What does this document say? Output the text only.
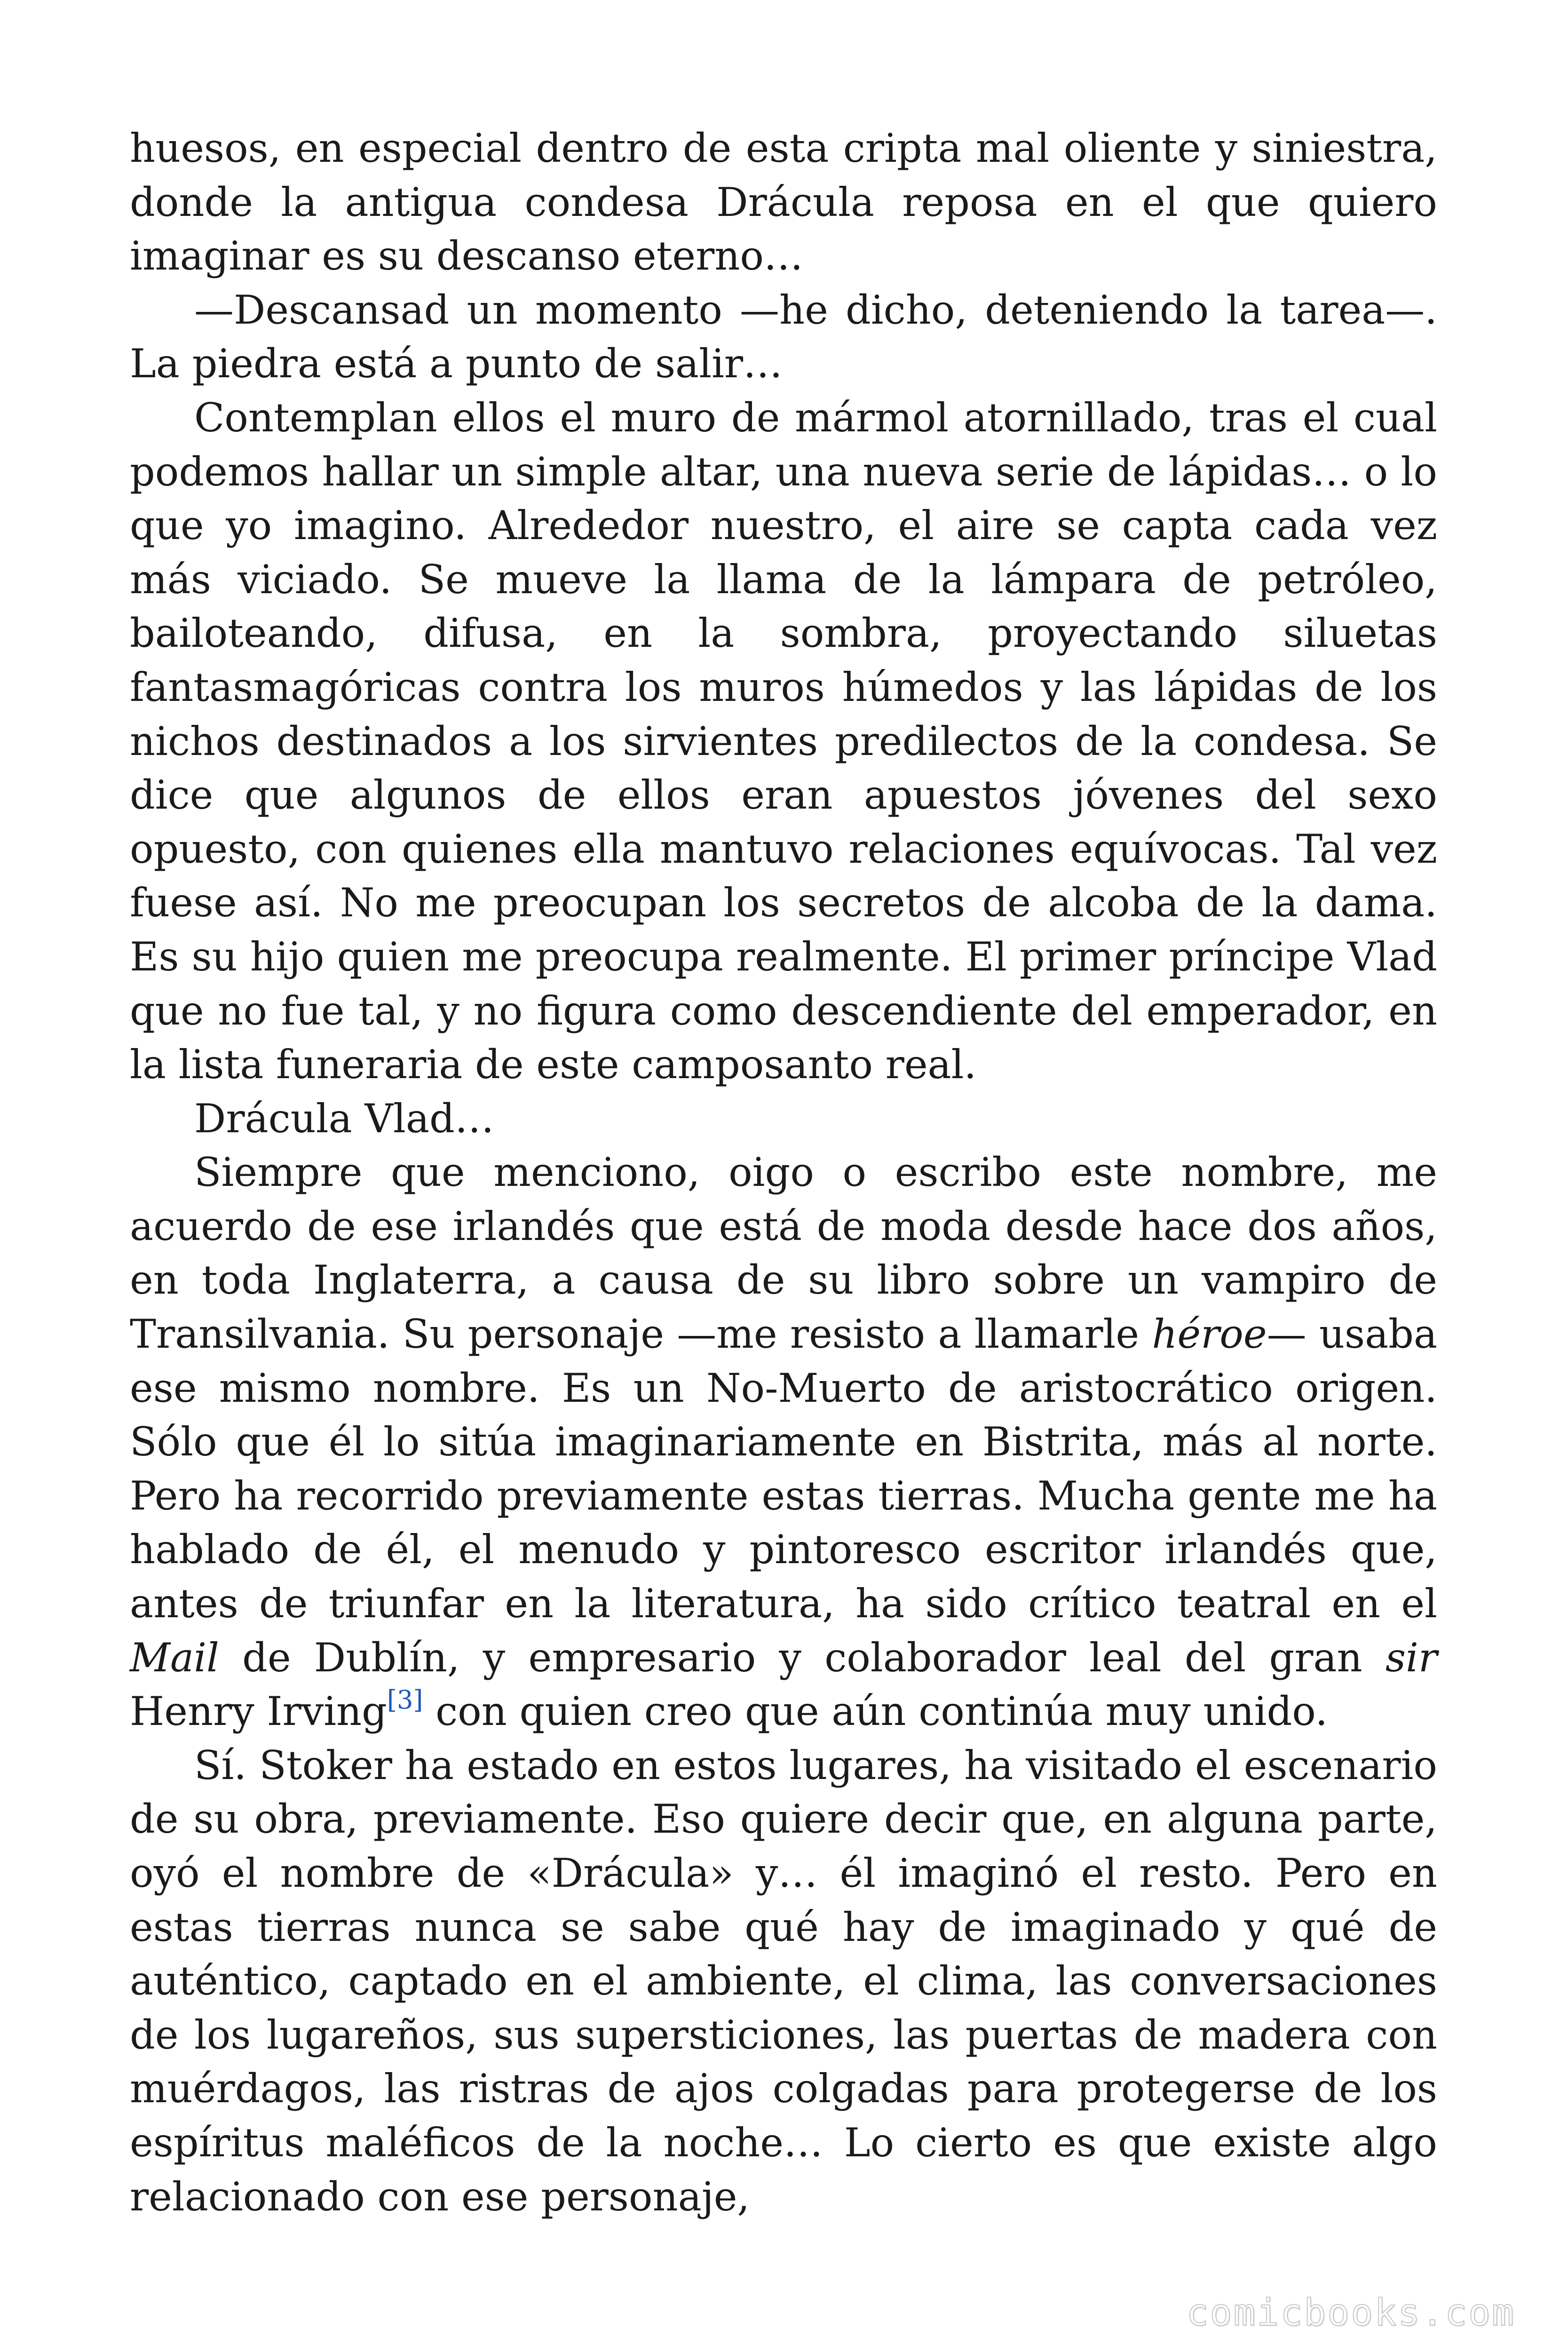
huesos, en especial dentro de esta cripta mal oliente y siniestra, donde la antigua condesa Drácula reposa en el que quiero imaginar es su descanso eterno…

—Descansad un momento —he dicho, deteniendo la tarea—. La piedra está a punto de salir…

Contemplan ellos el muro de mármol atornillado, tras el cual podemos hallar un simple altar, una nueva serie de lápidas… o lo que yo imagino. Alrededor nuestro, el aire se capta cada vez más viciado. Se mueve la llama de la lámpara de petróleo, bailoteando, difusa, en la sombra, proyectando siluetas fantasmagóricas contra los muros húmedos y las lápidas de los nichos destinados a los sirvientes predilectos de la condesa. Se dice que algunos de ellos eran apuestos jóvenes del sexo opuesto, con quienes ella mantuvo relaciones equívocas. Tal vez fuese así. No me preocupan los secretos de alcoba de la dama. Es su hijo quien me preocupa realmente. El primer príncipe Vlad que no fue tal, y no figura como descendiente del emperador, en la lista funeraria de este camposanto real.

Drácula Vlad…

Siempre que menciono, oigo o escribo este nombre, me acuerdo de ese irlandés que está de moda desde hace dos años, en toda Inglaterra, a causa de su libro sobre un vampiro de Transilvania. Su personaje —me resisto a llamarle héroe— usaba ese mismo nombre. Es un No-Muerto de aristocrático origen. Sólo que él lo sitúa imaginariamente en Bistrita, más al norte. Pero ha recorrido previamente estas tierras. Mucha gente me ha hablado de él, el menudo y pintoresco escritor irlandés que, antes de triunfar en la literatura, ha sido crítico teatral en el Mail de Dublín, y empresario y colaborador leal del gran sir Henry Irving[3] con quien creo que aún continúa muy unido.

Sí. Stoker ha estado en estos lugares, ha visitado el escenario de su obra, previamente. Eso quiere decir que, en alguna parte, oyó el nombre de «Drácula» y… él imaginó el resto. Pero en estas tierras nunca se sabe qué hay de imaginado y qué de auténtico, captado en el ambiente, el clima, las conversaciones de los lugareños, sus supersticiones, las puertas de madera con muérdagos, las ristras de ajos colgadas para protegerse de los espíritus maléficos de la noche… Lo cierto es que existe algo relacionado con ese personaje,

comicbooks.com
